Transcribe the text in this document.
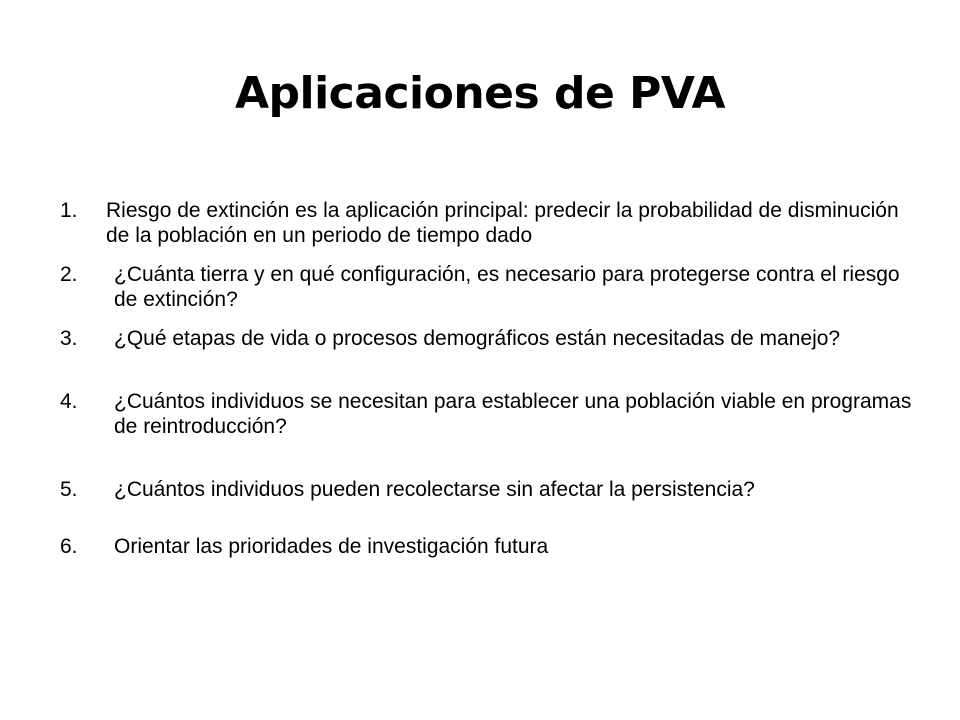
Aplicaciones de PVA
1.	Riesgo de extinción es la aplicación principal: predecir la probabilidad de disminución de la población en un periodo de tiempo dado
2.	¿Cuánta tierra y en qué configuración, es necesario para protegerse contra el riesgo de extinción?
3.	¿Qué etapas de vida o procesos demográficos están necesitadas de manejo?
4.	¿Cuántos individuos se necesitan para establecer una población viable en programas de reintroducción?
5.	¿Cuántos individuos pueden recolectarse sin afectar la persistencia?
6.	Orientar las prioridades de investigación futura
